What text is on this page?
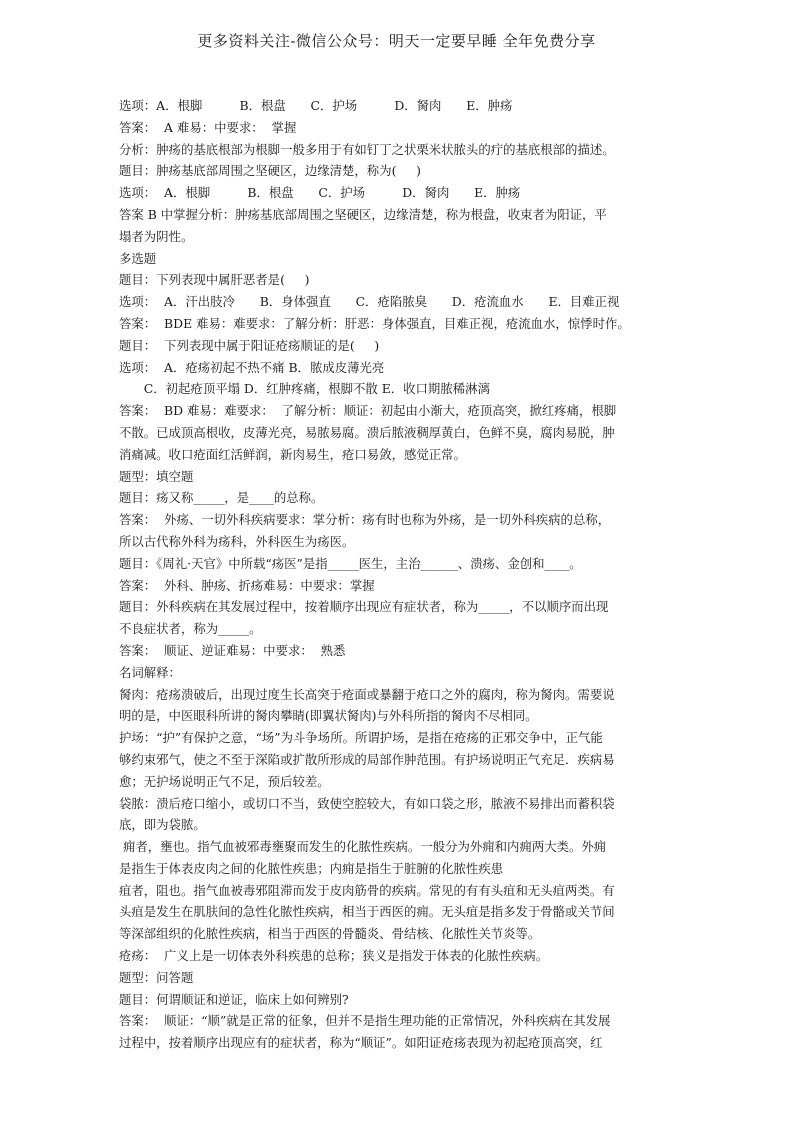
更多资料关注-微信公众号：明天一定要早睡 全年免费分享
选项：A．根脚　　　B．根盘　　C．护场　　　D．胬肉　　E．肿疡
答案：  A 难易：中要求：  掌握
分析：肿疡的基底根部为根脚一般多用于有如钉丁之状栗米状脓头的疔的基底根部的描述。
题目：肿疡基底部周围之坚硬区，边缘清楚，称为(     )
选项：  A．根脚　　　B．根盘　　C．护场　　　D．胬肉　　E．肿疡
答案 B 中掌握分析：肿疡基底部周围之坚硬区，边缘清楚，称为根盘，收束者为阳证，平
塌者为阴性。
多选题
题目：下列表现中属肝恶者是(     )
选项：  A．汗出肢冷　　B．身体强直　　C．疮陷脓臭　　D．疮流血水　　E．目难正视
答案：  BDE 难易：难要求：了解分析：肝恶：身体强直，目难正视，疮流血水，惊悸时作。
题目：  下列表现中属于阳证疮疡顺证的是(     )
选项：  A．疮疡初起不热不痛 B．脓成皮薄光亮
　　C．初起疮顶平塌 D．红肿疼痛，根脚不散 E．收口期脓稀淋漓
答案：  BD 难易：难要求：  了解分析：顺证：初起由小渐大，疮顶高突，掀红疼痛，根脚
不散。已成顶高根收，皮薄光亮，易脓易腐。溃后脓液稠厚黄白，色鲜不臭，腐肉易脱，肿
消痛减。收口疮面红活鲜润，新肉易生，疮口易敛，感觉正常。
题型：填空题
题目：疡又称_____，是____的总称。
答案：  外疡、一切外科疾病要求：掌分析：疡有时也称为外疡，是一切外科疾病的总称，
所以古代称外科为疡科，外科医生为疡医。
题目：《周礼·天官》中所载“疡医”是指_____医生，主治______、溃疡、金创和____。
答案：  外科、肿疡、折疡难易：中要求：掌握
题目：外科疾病在其发展过程中，按着顺序出现应有症状者，称为_____，不以顺序而出现
不良症状者，称为_____。
答案：  顺证、逆证难易：中要求：  熟悉
名词解释：
胬肉：疮疡溃破后，出现过度生长高突于疮面或暴翻于疮口之外的腐肉，称为胬肉。需要说
明的是，中医眼科所讲的胬肉攀睛(即翼状胬肉)与外科所指的胬肉不尽相同。
护场：“护”有保护之意，“场”为斗争场所。所谓护场，是指在疮疡的正邪交争中，正气能
够约束邪气，使之不至于深陷或扩散所形成的局部作肿范围。有护场说明正气充足．疾病易
愈；无护场说明正气不足，预后较差。
袋脓：溃后疮口缩小，或切口不当，致使空腔较大，有如口袋之形，脓液不易排出而蓄积袋
底，即为袋脓。
痈者，壅也。指气血被邪毒壅聚而发生的化脓性疾病。一般分为外痈和内痈两大类。外痈
是指生于体表皮肉之间的化脓性疾患；内痈是指生于脏腑的化脓性疾患
疽者，阻也。指气血被毒邪阻滞而发于皮肉筋骨的疾病。常见的有有头疽和无头疽两类。有
头疽是发生在肌肤间的急性化脓性疾病，相当于西医的痈。无头疽是指多发于骨骼或关节间
等深部组织的化脓性疾病，相当于西医的骨髓炎、骨结核、化脓性关节炎等。
疮疡：  广义上是一切体表外科疾患的总称；狭义是指发于体表的化脓性疾病。
题型：问答题
题目：何谓顺证和逆证，临床上如何辨别?
答案：  顺证：“顺”就是正常的征象，但并不是指生理功能的正常情况，外科疾病在其发展
过程中，按着顺序出现应有的症状者，称为“顺证”。如阳证疮疡表现为初起疮顶高突，红
